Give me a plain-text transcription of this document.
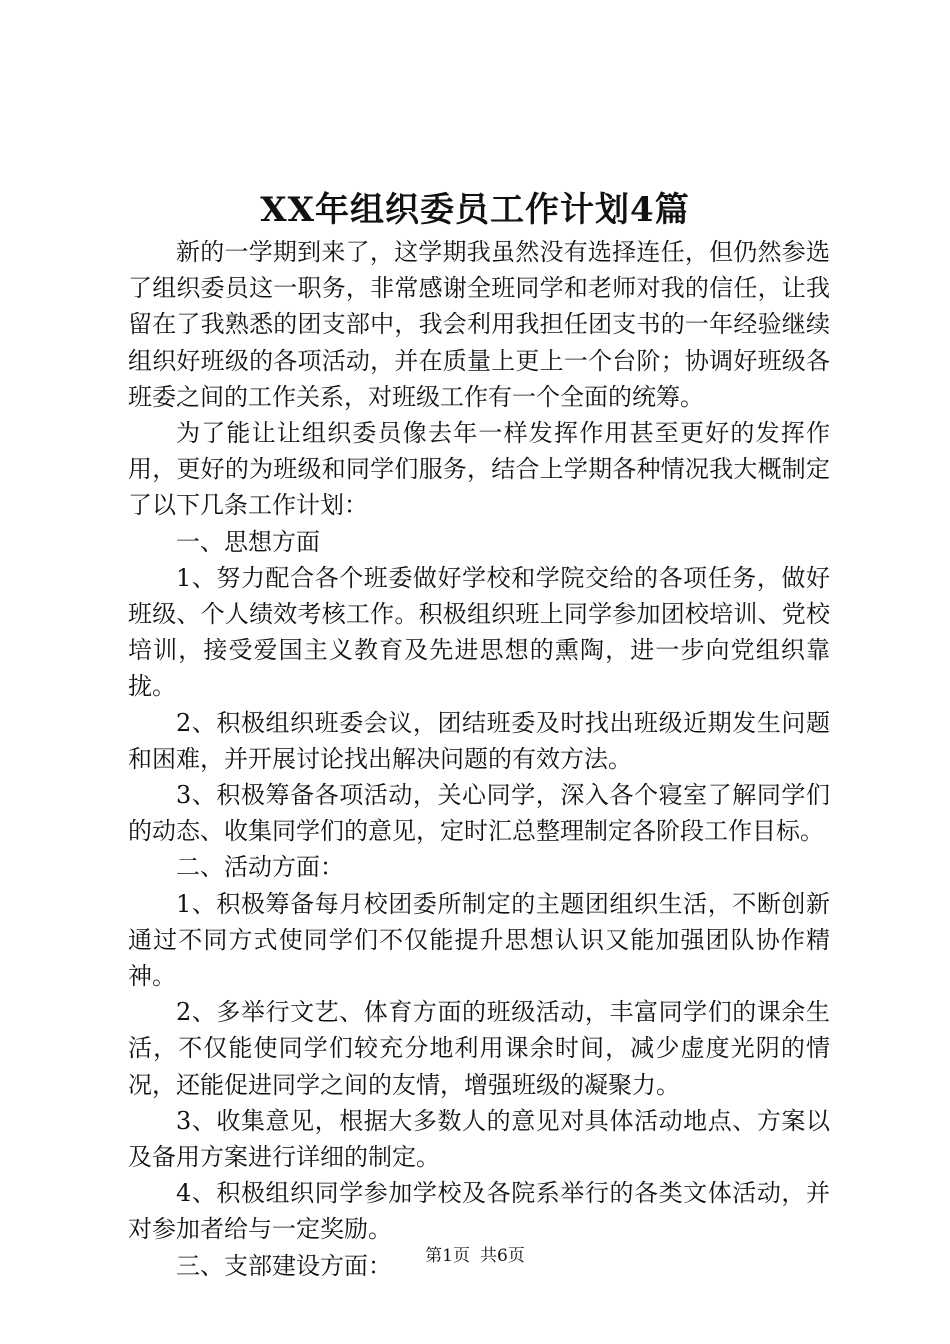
XX年组织委员工作计划4篇

新的一学期到来了，这学期我虽然没有选择连任，但仍然参选了组织委员这一职务，非常感谢全班同学和老师对我的信任，让我留在了我熟悉的团支部中，我会利用我担任团支书的一年经验继续组织好班级的各项活动，并在质量上更上一个台阶；协调好班级各班委之间的工作关系，对班级工作有一个全面的统筹。

为了能让让组织委员像去年一样发挥作用甚至更好的发挥作用，更好的为班级和同学们服务，结合上学期各种情况我大概制定了以下几条工作计划：

一、思想方面

1、努力配合各个班委做好学校和学院交给的各项任务，做好班级、个人绩效考核工作。积极组织班上同学参加团校培训、党校培训，接受爱国主义教育及先进思想的熏陶，进一步向党组织靠拢。

2、积极组织班委会议，团结班委及时找出班级近期发生问题和困难，并开展讨论找出解决问题的有效方法。

3、积极筹备各项活动，关心同学，深入各个寝室了解同学们的动态、收集同学们的意见，定时汇总整理制定各阶段工作目标。

二、活动方面：

1、积极筹备每月校团委所制定的主题团组织生活，不断创新通过不同方式使同学们不仅能提升思想认识又能加强团队协作精神。

2、多举行文艺、体育方面的班级活动，丰富同学们的课余生活，不仅能使同学们较充分地利用课余时间，减少虚度光阴的情况，还能促进同学之间的友情，增强班级的凝聚力。

3、收集意见，根据大多数人的意见对具体活动地点、方案以及备用方案进行详细的制定。

4、积极组织同学参加学校及各院系举行的各类文体活动，并对参加者给与一定奖励。

三、支部建设方面：	第1页 共6页
